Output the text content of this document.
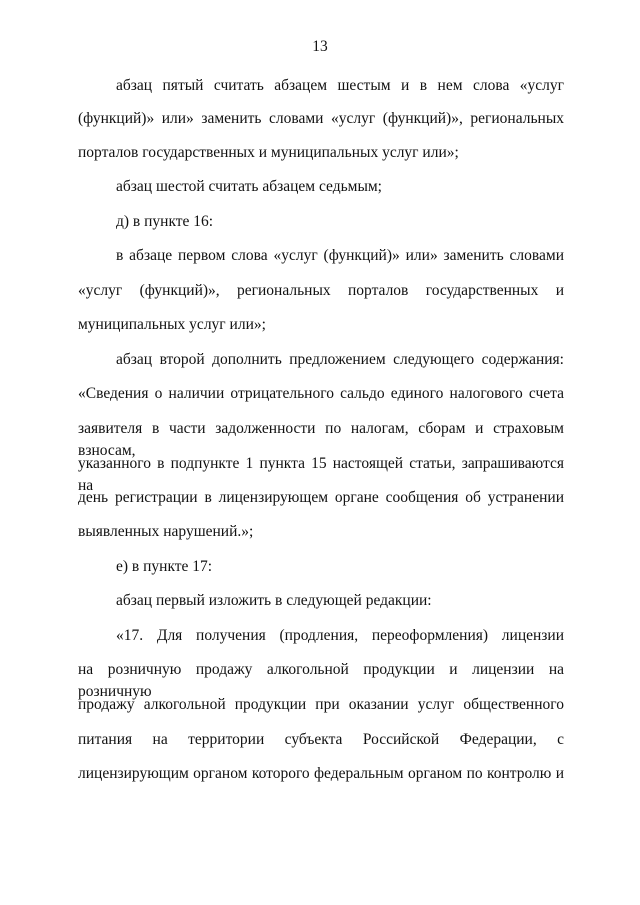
13
абзац пятый считать абзацем шестым и в нем слова «услуг
(функций)» или» заменить словами «услуг (функций)», региональных
порталов государственных и муниципальных услуг или»;
абзац шестой считать абзацем седьмым;
д) в пункте 16:
в абзаце первом слова «услуг (функций)» или» заменить словами
«услуг (функций)», региональных порталов государственных и
муниципальных услуг или»;
абзац второй дополнить предложением следующего содержания:
«Сведения о наличии отрицательного сальдо единого налогового счета
заявителя в части задолженности по налогам, сборам и страховым взносам,
указанного в подпункте 1 пункта 15 настоящей статьи, запрашиваются на
день регистрации в лицензирующем органе сообщения об устранении
выявленных нарушений.»;
е) в пункте 17:
абзац первый изложить в следующей редакции:
«17. Для получения (продления, переоформления) лицензии
на розничную продажу алкогольной продукции и лицензии на розничную
продажу алкогольной продукции при оказании услуг общественного
питания на территории субъекта Российской Федерации, с
лицензирующим органом которого федеральным органом по контролю и
